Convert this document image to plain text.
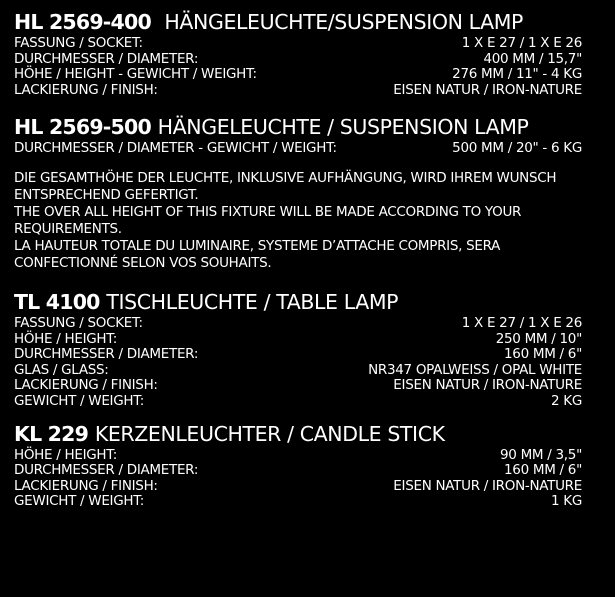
HL 2569-400 HÄNGELEUCHTE/SUSPENSION LAMP
FASSUNG / SOCKET:	1 X E 27 / 1 X E 26
DURCHMESSER / DIAMETER:	400 MM / 15,7"
HÖHE / HEIGHT - GEWICHT / WEIGHT:	276 MM / 11" - 4 KG
LACKIERUNG / FINISH:	EISEN NATUR / IRON-NATURE
HL 2569-500 HÄNGELEUCHTE / SUSPENSION LAMP
DURCHMESSER / DIAMETER - GEWICHT / WEIGHT:	500 MM / 20" - 6 KG

DIE GESAMTHÖHE DER LEUCHTE, INKLUSIVE AUFHÄNGUNG, WIRD IHREM WUNSCH ENTSPRECHEND GEFERTIGT.

THE OVER ALL HEIGHT OF THIS FIXTURE WILL BE MADE ACCORDING TO YOUR REQUIREMENTS.

LA HAUTEUR TOTALE DU LUMINAIRE, SYSTEME D’ATTACHE COMPRIS, SERA CONFECTIONNÉ SELON VOS SOUHAITS.

TL 4100 TISCHLEUCHTE / TABLE LAMP
FASSUNG / SOCKET:	1 X E 27 / 1 X E 26
HÖHE / HEIGHT:	250 MM / 10"
DURCHMESSER / DIAMETER:	160 MM / 6"
GLAS / GLASS:	NR347 OPALWEISS / OPAL WHITE
LACKIERUNG / FINISH:	EISEN NATUR / IRON-NATURE
GEWICHT / WEIGHT:	2 KG
KL 229 KERZENLEUCHTER / CANDLE STICK
HÖHE / HEIGHT:	90 MM / 3,5"
DURCHMESSER / DIAMETER:	160 MM / 6"
LACKIERUNG / FINISH:	EISEN NATUR / IRON-NATURE
GEWICHT / WEIGHT:	1 KG
